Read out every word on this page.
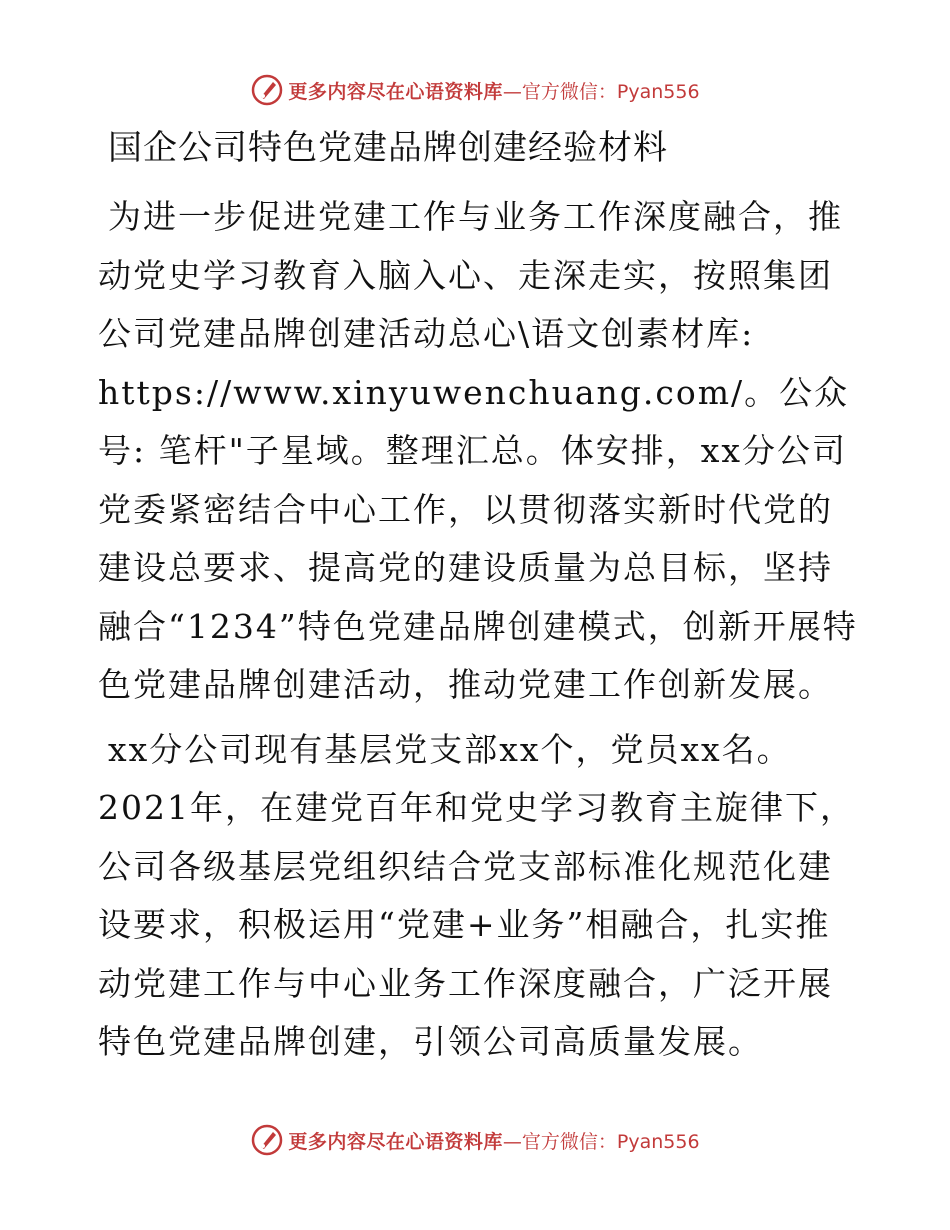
更多内容尽在心语资料库 —官方微信：Pyan556
国企公司特色党建品牌创建经验材料

为进一步促进党建工作与业务工作深度融合，推动党史学习教育入脑入心、走深走实，按照集团公司党建品牌创建活动总心\语文创素材库: https://www.xinyuwenchuang.com/。公众号: 笔杆"子星域。整理汇总。体安排，xx分公司党委紧密结合中心工作，以贯彻落实新时代党的建设总要求、提高党的建设质量为总目标，坚持融合“1234”特色党建品牌创建模式，创新开展特色党建品牌创建活动，推动党建工作创新发展。

xx分公司现有基层党支部xx个，党员xx名。2021年，在建党百年和党史学习教育主旋律下，公司各级基层党组织结合党支部标准化规范化建设要求，积极运用“党建+业务”相融合，扎实推动党建工作与中心业务工作深度融合，广泛开展特色党建品牌创建，引领公司高质量发展。

更多内容尽在心语资料库 —官方微信：Pyan556
